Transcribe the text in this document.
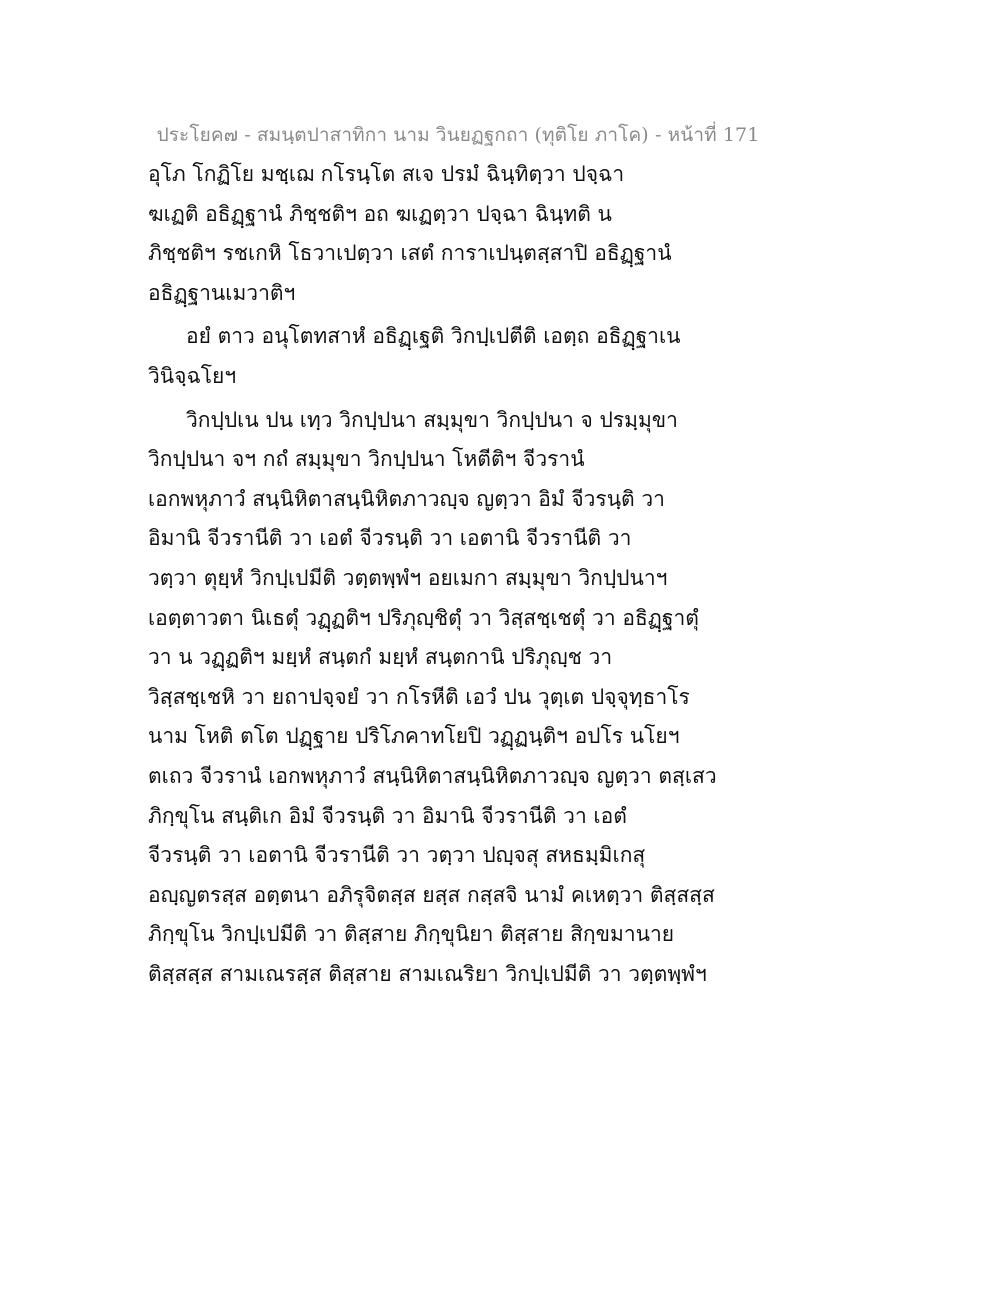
ประโยค๗ - สมนฺตปาสาทิกา นาม วินยฏฐกถา (ทุติโย ภาโค) - หน้าที่ 171
อุโภ โกฏิโย มชฺเฌ กโรนฺโต สเจ ปรมํ ฉินฺทิตฺวา ปจฺฉา
ฆเฏติ อธิฏฺฐานํ ภิชฺชติฯ อถ ฆเฏตฺวา ปจฺฉา ฉินฺทติ น
ภิชฺชติฯ รชเกหิ โธวาเปตฺวา เสตํ การาเปนฺตสฺสาปิ อธิฏฺฐานํ
อธิฏฺฐานเมวาติฯ
อยํ ตาว อนุโตทสาหํ อธิฏฺเฐติ วิกปฺเปตีติ เอตฺถ อธิฏฺฐาเน
วินิจฺฉโยฯ
วิกปฺปเน ปน เทฺว วิกปฺปนา สมฺมุขา วิกปฺปนา จ ปรมฺมุขา
วิกปฺปนา จฯ กถํ สมฺมุขา วิกปฺปนา โหตีติฯ จีวรานํ
เอกพหุภาวํ สนฺนิหิตาสนฺนิหิตภาวญฺจ ญตฺวา อิมํ จีวรนฺติ วา
อิมานิ จีวรานีติ วา เอตํ จีวรนฺติ วา เอตานิ จีวรานีติ วา
วตฺวา ตุยฺหํ วิกปฺเปมีติ วตฺตพฺพํฯ อยเมกา สมฺมุขา วิกปฺปนาฯ
เอตฺตาวตา นิเธตุํ วฏฺฏติฯ ปริภุญฺชิตุํ วา วิสฺสชฺเชตุํ วา อธิฏฺฐาตุํ
วา น วฏฺฏติฯ มยฺหํ สนฺตกํ มยฺหํ สนฺตกานิ ปริภุญฺช วา
วิสฺสชฺเชหิ วา ยถาปจฺจยํ วา กโรหีติ เอวํ ปน วุตฺเต ปจฺจุทฺธาโร
นาม โหติ ตโต ปฏฺฐาย ปริโภคาทโยปิ วฏฺฏนฺติฯ อปโร นโยฯ
ตเถว จีวรานํ เอกพหุภาวํ สนฺนิหิตาสนฺนิหิตภาวญฺจ ญตฺวา ตสฺเสว
ภิกฺขุโน สนฺติเก อิมํ จีวรนฺติ วา อิมานิ จีวรานีติ วา เอตํ
จีวรนฺติ วา เอตานิ จีวรานีติ วา วตฺวา ปญฺจสุ สหธมฺมิเกสุ
อญฺญตรสฺส อตฺตนา อภิรุจิตสฺส ยสฺส กสฺสจิ นามํ คเหตฺวา ติสฺสสฺส
ภิกฺขุโน วิกปฺเปมีติ วา ติสฺสาย ภิกฺขุนิยา ติสฺสาย สิกฺขมานาย
ติสฺสสฺส สามเณรสฺส ติสฺสาย สามเณริยา วิกปฺเปมีติ วา วตฺตพฺพํฯ
